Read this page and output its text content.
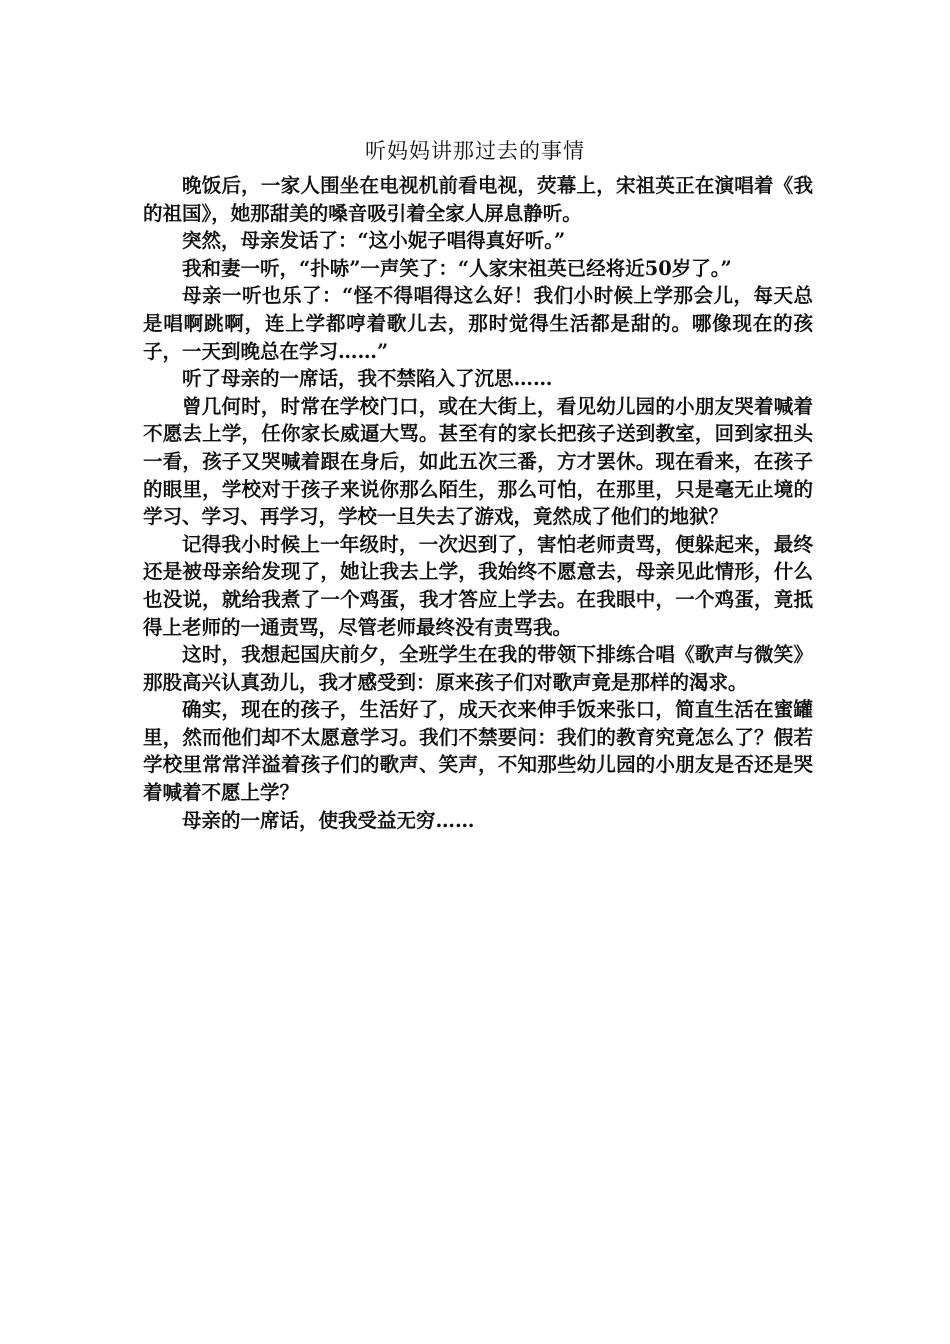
听妈妈讲那过去的事情

晚饭后，一家人围坐在电视机前看电视，荧幕上，宋祖英正在演唱着《我的祖国》，她那甜美的嗓音吸引着全家人屏息静听。

突然，母亲发话了：“这小妮子唱得真好听。”

我和妻一听，“扑哧”一声笑了：“人家宋祖英已经将近50岁了。”

母亲一听也乐了：“怪不得唱得这么好！我们小时候上学那会儿，每天总是唱啊跳啊，连上学都哼着歌儿去，那时觉得生活都是甜的。哪像现在的孩子，一天到晚总在学习……”

听了母亲的一席话，我不禁陷入了沉思……

曾几何时，时常在学校门口，或在大街上，看见幼儿园的小朋友哭着喊着不愿去上学，任你家长威逼大骂。甚至有的家长把孩子送到教室，回到家扭头一看，孩子又哭喊着跟在身后，如此五次三番，方才罢休。现在看来，在孩子的眼里，学校对于孩子来说你那么陌生，那么可怕，在那里，只是毫无止境的学习、学习、再学习，学校一旦失去了游戏，竟然成了他们的地狱？

记得我小时候上一年级时，一次迟到了，害怕老师责骂，便躲起来，最终还是被母亲给发现了，她让我去上学，我始终不愿意去，母亲见此情形，什么也没说，就给我煮了一个鸡蛋，我才答应上学去。在我眼中，一个鸡蛋，竟抵得上老师的一通责骂，尽管老师最终没有责骂我。

这时，我想起国庆前夕，全班学生在我的带领下排练合唱《歌声与微笑》那股高兴认真劲儿，我才感受到：原来孩子们对歌声竟是那样的渴求。

确实，现在的孩子，生活好了，成天衣来伸手饭来张口，简直生活在蜜罐里，然而他们却不太愿意学习。我们不禁要问：我们的教育究竟怎么了？假若学校里常常洋溢着孩子们的歌声、笑声，不知那些幼儿园的小朋友是否还是哭着喊着不愿上学？

母亲的一席话，使我受益无穷……
